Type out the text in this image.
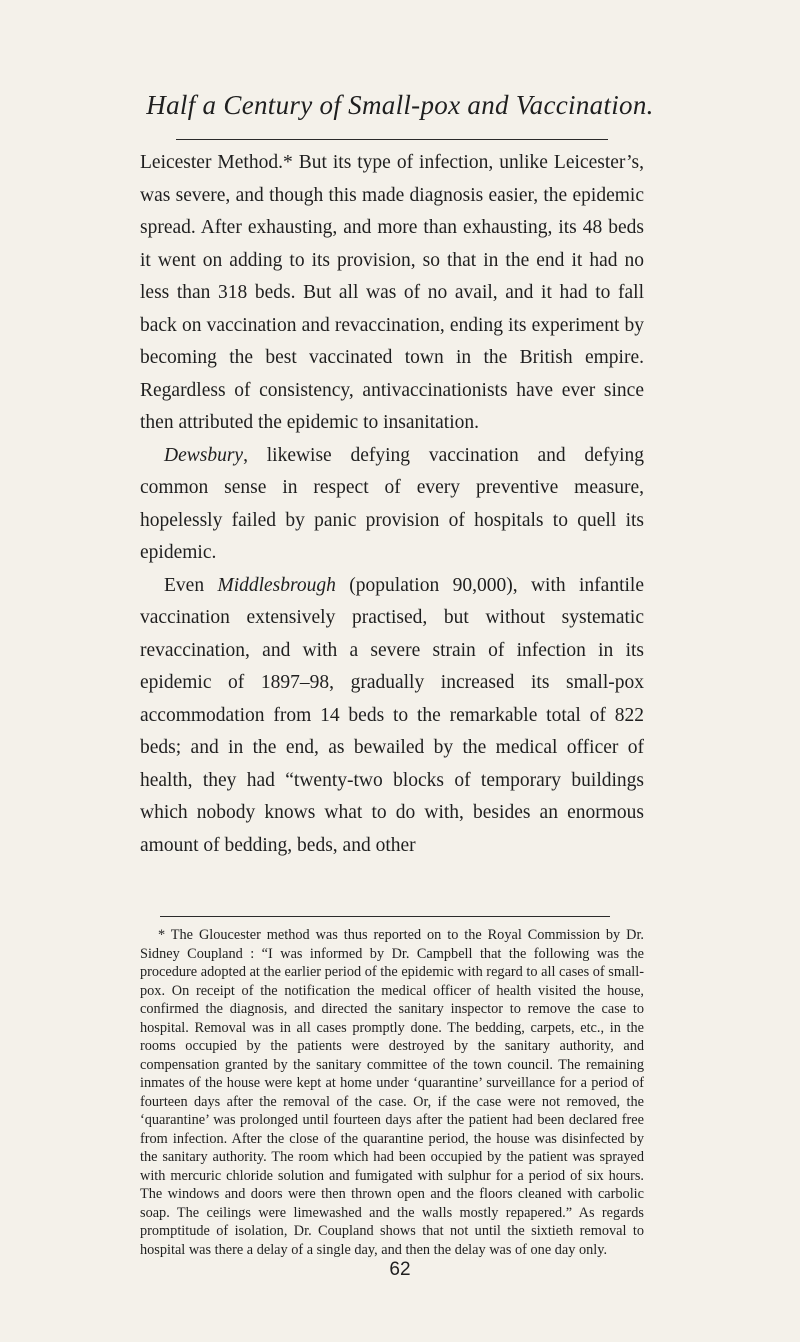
Half a Century of Small-pox and Vaccination.

Leicester Method.* But its type of infection, unlike Leicester’s, was severe, and though this made diagnosis easier, the epidemic spread. After exhausting, and more than exhausting, its 48 beds it went on adding to its provision, so that in the end it had no less than 318 beds. But all was of no avail, and it had to fall back on vaccination and revaccination, ending its experiment by becoming the best vaccinated town in the British empire. Regardless of consistency, antivaccinationists have ever since then attributed the epidemic to insanitation.

Dewsbury, likewise defying vaccination and defying common sense in respect of every preventive measure, hopelessly failed by panic provision of hospitals to quell its epidemic.

Even Middlesbrough (population 90,000), with infantile vaccination extensively practised, but without systematic revaccination, and with a severe strain of infection in its epidemic of 1897–98, gradually increased its small-pox accommodation from 14 beds to the remarkable total of 822 beds; and in the end, as bewailed by the medical officer of health, they had “twenty-two blocks of temporary buildings which nobody knows what to do with, besides an enormous amount of bedding, beds, and other

* The Gloucester method was thus reported on to the Royal Commission by Dr. Sidney Coupland : “I was informed by Dr. Campbell that the following was the procedure adopted at the earlier period of the epidemic with regard to all cases of small-pox. On receipt of the notification the medical officer of health visited the house, confirmed the diagnosis, and directed the sanitary inspector to remove the case to hospital. Removal was in all cases promptly done. The bedding, carpets, etc., in the rooms occupied by the patients were destroyed by the sanitary authority, and compensation granted by the sanitary committee of the town council. The remaining inmates of the house were kept at home under ‘quarantine’ surveillance for a period of fourteen days after the removal of the case. Or, if the case were not removed, the ‘quarantine’ was prolonged until fourteen days after the patient had been declared free from infection. After the close of the quarantine period, the house was disinfected by the sanitary authority. The room which had been occupied by the patient was sprayed with mercuric chloride solution and fumigated with sulphur for a period of six hours. The windows and doors were then thrown open and the floors cleaned with carbolic soap. The ceilings were limewashed and the walls mostly repapered.” As regards promptitude of isolation, Dr. Coupland shows that not until the sixtieth removal to hospital was there a delay of a single day, and then the delay was of one day only.
62
